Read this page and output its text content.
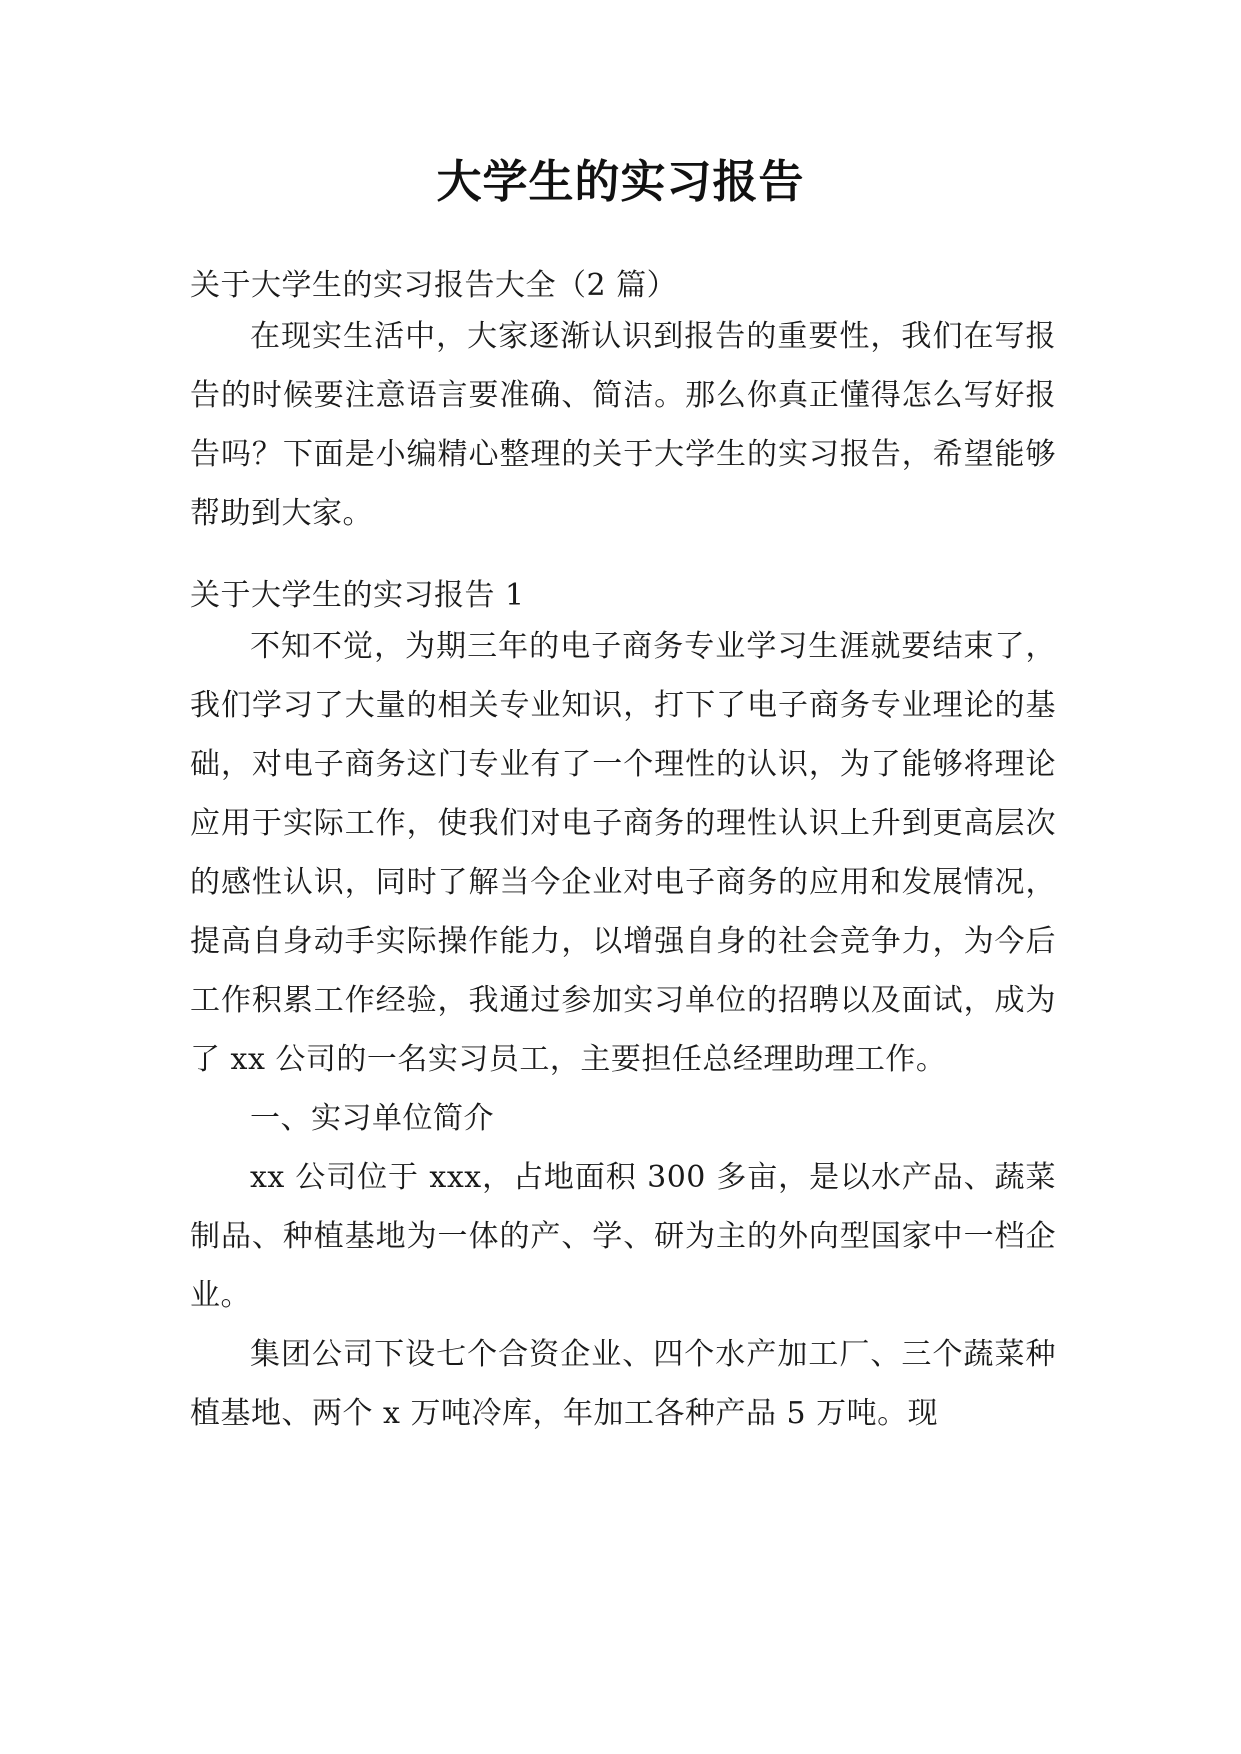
大学生的实习报告
关于大学生的实习报告大全（2 篇）

在现实生活中，大家逐渐认识到报告的重要性，我们在写报告的时候要注意语言要准确、简洁。那么你真正懂得怎么写好报告吗？下面是小编精心整理的关于大学生的实习报告，希望能够帮助到大家。

关于大学生的实习报告 1

不知不觉，为期三年的电子商务专业学习生涯就要结束了，我们学习了大量的相关专业知识，打下了电子商务专业理论的基础，对电子商务这门专业有了一个理性的认识，为了能够将理论应用于实际工作，使我们对电子商务的理性认识上升到更高层次的感性认识，同时了解当今企业对电子商务的应用和发展情况，提高自身动手实际操作能力，以增强自身的社会竞争力，为今后工作积累工作经验，我通过参加实习单位的招聘以及面试，成为了 xx 公司的一名实习员工，主要担任总经理助理工作。

一、实习单位简介

xx 公司位于 xxx，占地面积 300 多亩，是以水产品、蔬菜制品、种植基地为一体的产、学、研为主的外向型国家中一档企业。

集团公司下设七个合资企业、四个水产加工厂、三个蔬菜种植基地、两个 x 万吨冷库，年加工各种产品 5 万吨。现
